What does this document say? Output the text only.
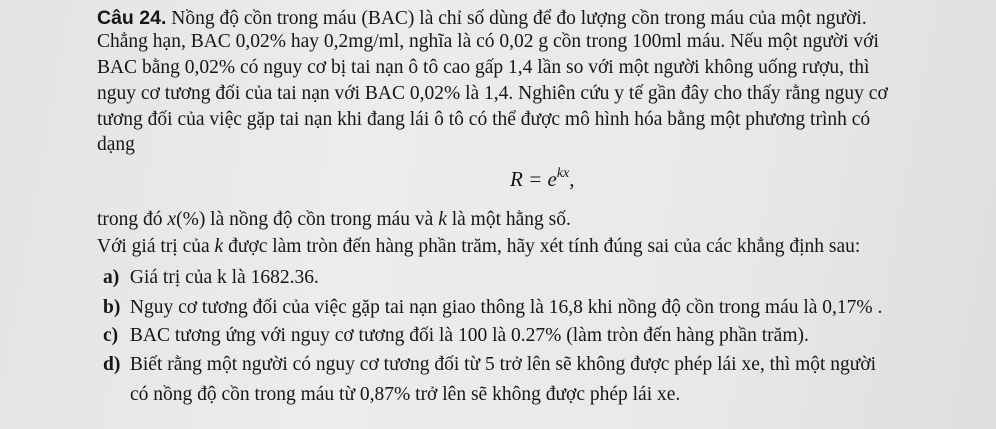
Câu 24. Nồng độ cồn trong máu (BAC) là chỉ số dùng để đo lượng cồn trong máu của một người.
Chẳng hạn, BAC 0,02% hay 0,2mg/ml, nghĩa là có 0,02 g cồn trong 100ml máu. Nếu một người với
BAC bằng 0,02% có nguy cơ bị tai nạn ô tô cao gấp 1,4 lần so với một người không uống rượu, thì
nguy cơ tương đối của tai nạn với BAC 0,02% là 1,4. Nghiên cứu y tế gần đây cho thấy rằng nguy cơ
tương đối của việc gặp tai nạn khi đang lái ô tô có thể được mô hình hóa bằng một phương trình có
dạng
$R = e^{kx}$,
trong đó x(%) là nồng độ cồn trong máu và k là một hằng số.
Với giá trị của k được làm tròn đến hàng phần trăm, hãy xét tính đúng sai của các khẳng định sau:
a) Giá trị của k là 1682.36.
b) Nguy cơ tương đối của việc gặp tai nạn giao thông là 16,8 khi nồng độ cồn trong máu là 0,17% .
c) BAC tương ứng với nguy cơ tương đối là 100 là 0.27% (làm tròn đến hàng phần trăm).
d) Biết rằng một người có nguy cơ tương đối từ 5 trở lên sẽ không được phép lái xe, thì một người
có nồng độ cồn trong máu từ 0,87% trở lên sẽ không được phép lái xe.
